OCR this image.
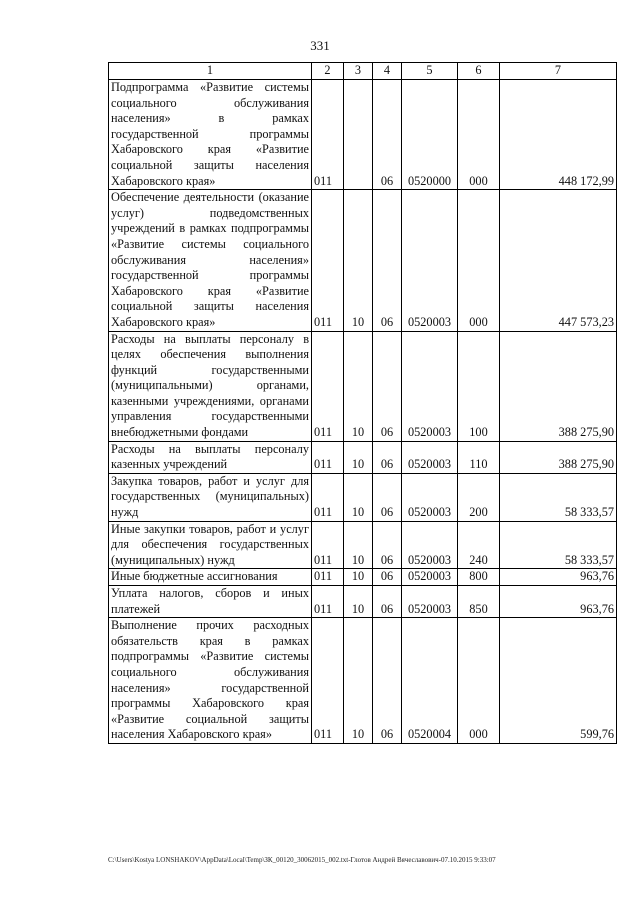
331
1	2	3	4	5	6	7
Подпрограмма «Развитие системы социального обслуживания населения» в рамках государственной программы Хабаровского края «Развитие социальной защиты населения Хабаровского края»	011		06	0520000	000	448 172,99
Обеспечение деятельности (оказание услуг) подведомственных учреждений в рамках подпрограммы «Развитие системы социального обслуживания населения» государственной программы Хабаровского края «Развитие социальной защиты населения Хабаровского края»	011	10	06	0520003	000	447 573,23
Расходы на выплаты персоналу в целях обеспечения выполнения функций государственными (муниципальными) органами, казенными учреждениями, органами управления государственными внебюджетными фондами	011	10	06	0520003	100	388 275,90
Расходы на выплаты персоналу казенных учреждений	011	10	06	0520003	110	388 275,90
Закупка товаров, работ и услуг для государственных (муниципальных) нужд	011	10	06	0520003	200	58 333,57
Иные закупки товаров, работ и услуг для обеспечения государственных (муниципальных) нужд	011	10	06	0520003	240	58 333,57
Иные бюджетные ассигнования	011	10	06	0520003	800	963,76
Уплата налогов, сборов и иных платежей	011	10	06	0520003	850	963,76
Выполнение прочих расходных обязательств края в рамках подпрограммы «Развитие системы социального обслуживания населения» государственной программы Хабаровского края «Развитие социальной защиты населения Хабаровского края»	011	10	06	0520004	000	599,76
C:\Users\Kostya LONSHAKOV\AppData\Local\Temp\ЗК_00120_30062015_002.txt-Глотов Андрей Вячеславович-07.10.2015 9:33:07
